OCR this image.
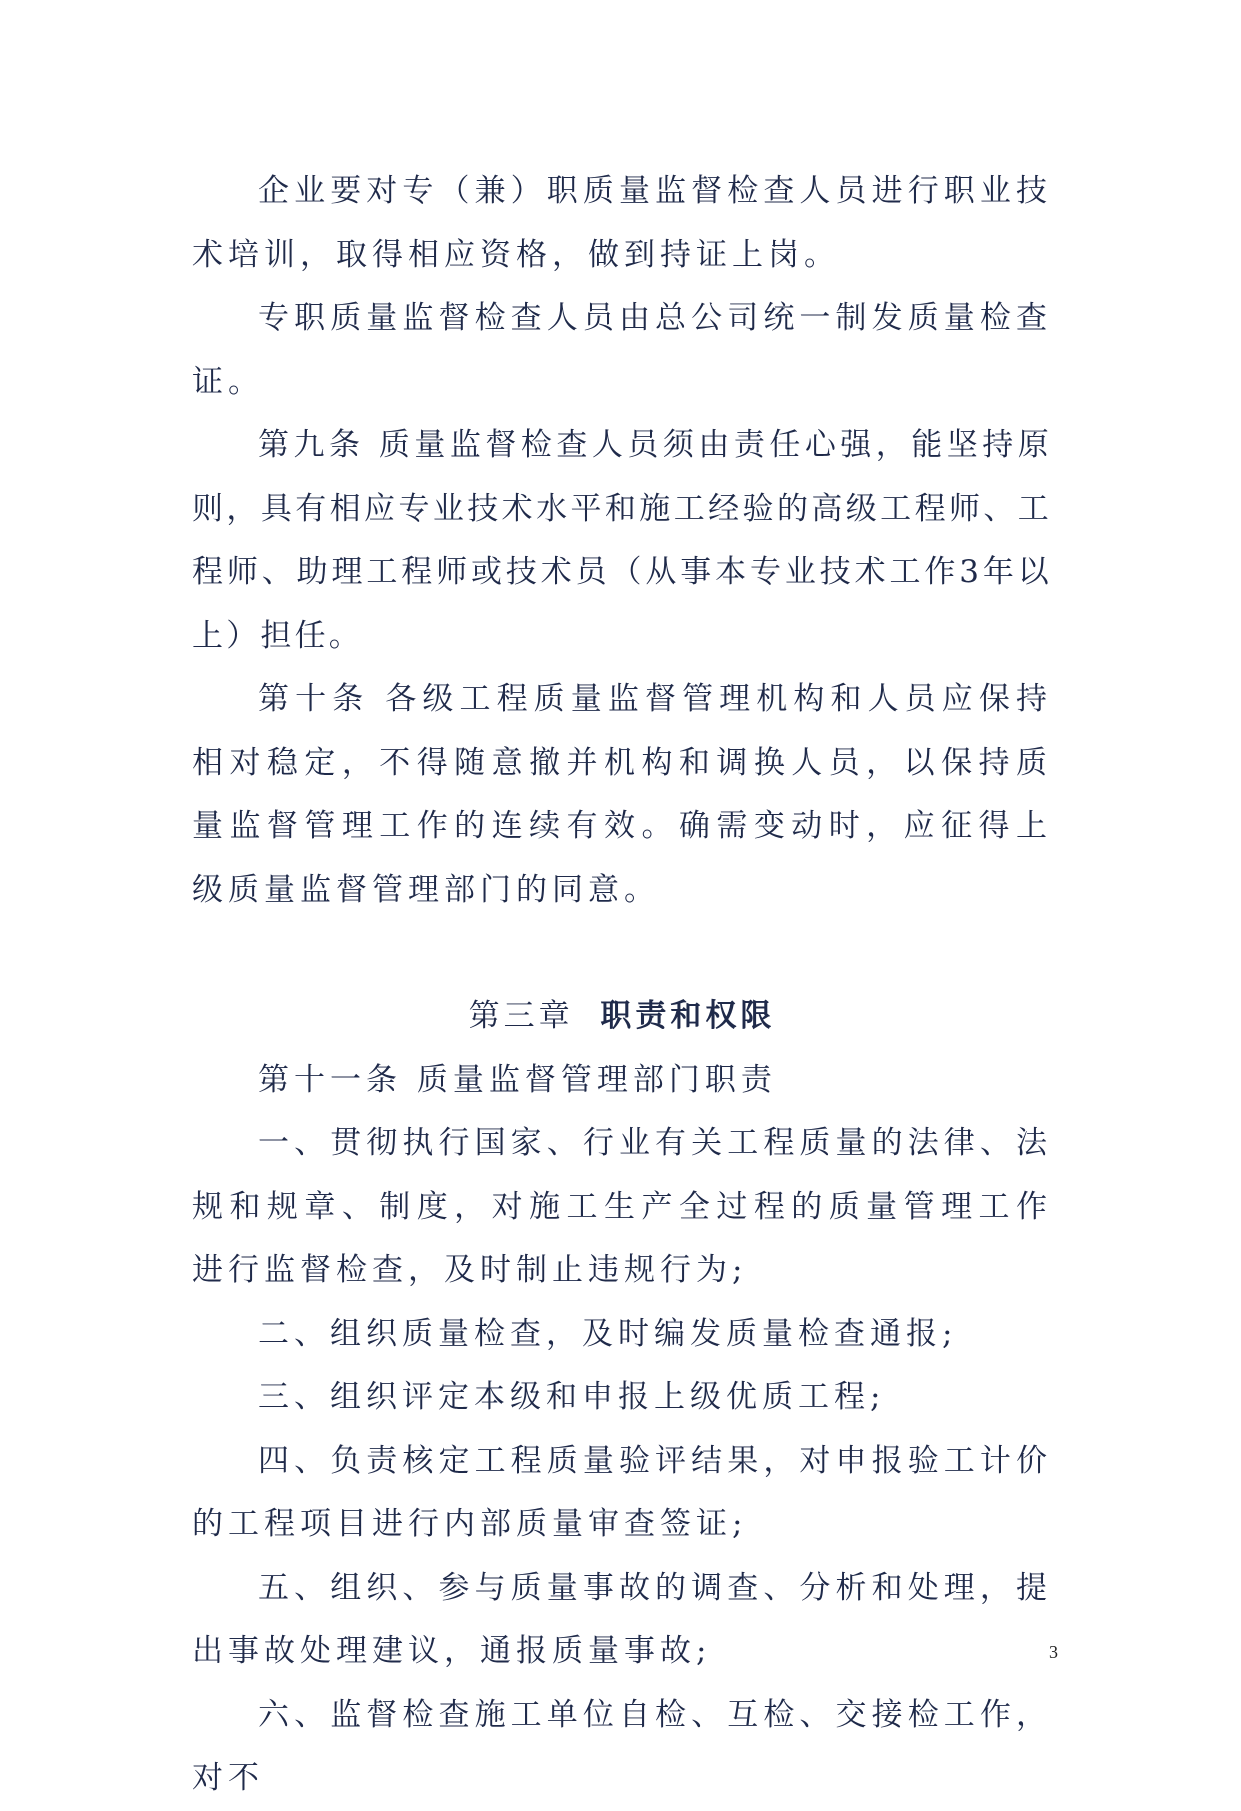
企业要对专（兼）职质量监督检查人员进行职业技术培训，取得相应资格，做到持证上岗。

专职质量监督检查人员由总公司统一制发质量检查证。

第九条 质量监督检查人员须由责任心强，能坚持原则，具有相应专业技术水平和施工经验的高级工程师、工程师、助理工程师或技术员（从事本专业技术工作3年以上）担任。

第十条 各级工程质量监督管理机构和人员应保持相对稳定，不得随意撤并机构和调换人员，以保持质量监督管理工作的连续有效。确需变动时，应征得上级质量监督管理部门的同意。

第三章 职责和权限

第十一条 质量监督管理部门职责

一、贯彻执行国家、行业有关工程质量的法律、法规和规章、制度，对施工生产全过程的质量管理工作进行监督检查，及时制止违规行为;

二、组织质量检查，及时编发质量检查通报;

三、组织评定本级和申报上级优质工程;

四、负责核定工程质量验评结果，对申报验工计价的工程项目进行内部质量审查签证;

五、组织、参与质量事故的调查、分析和处理，提出事故处理建议，通报质量事故;

六、监督检查施工单位自检、互检、交接检工作，对不

3
